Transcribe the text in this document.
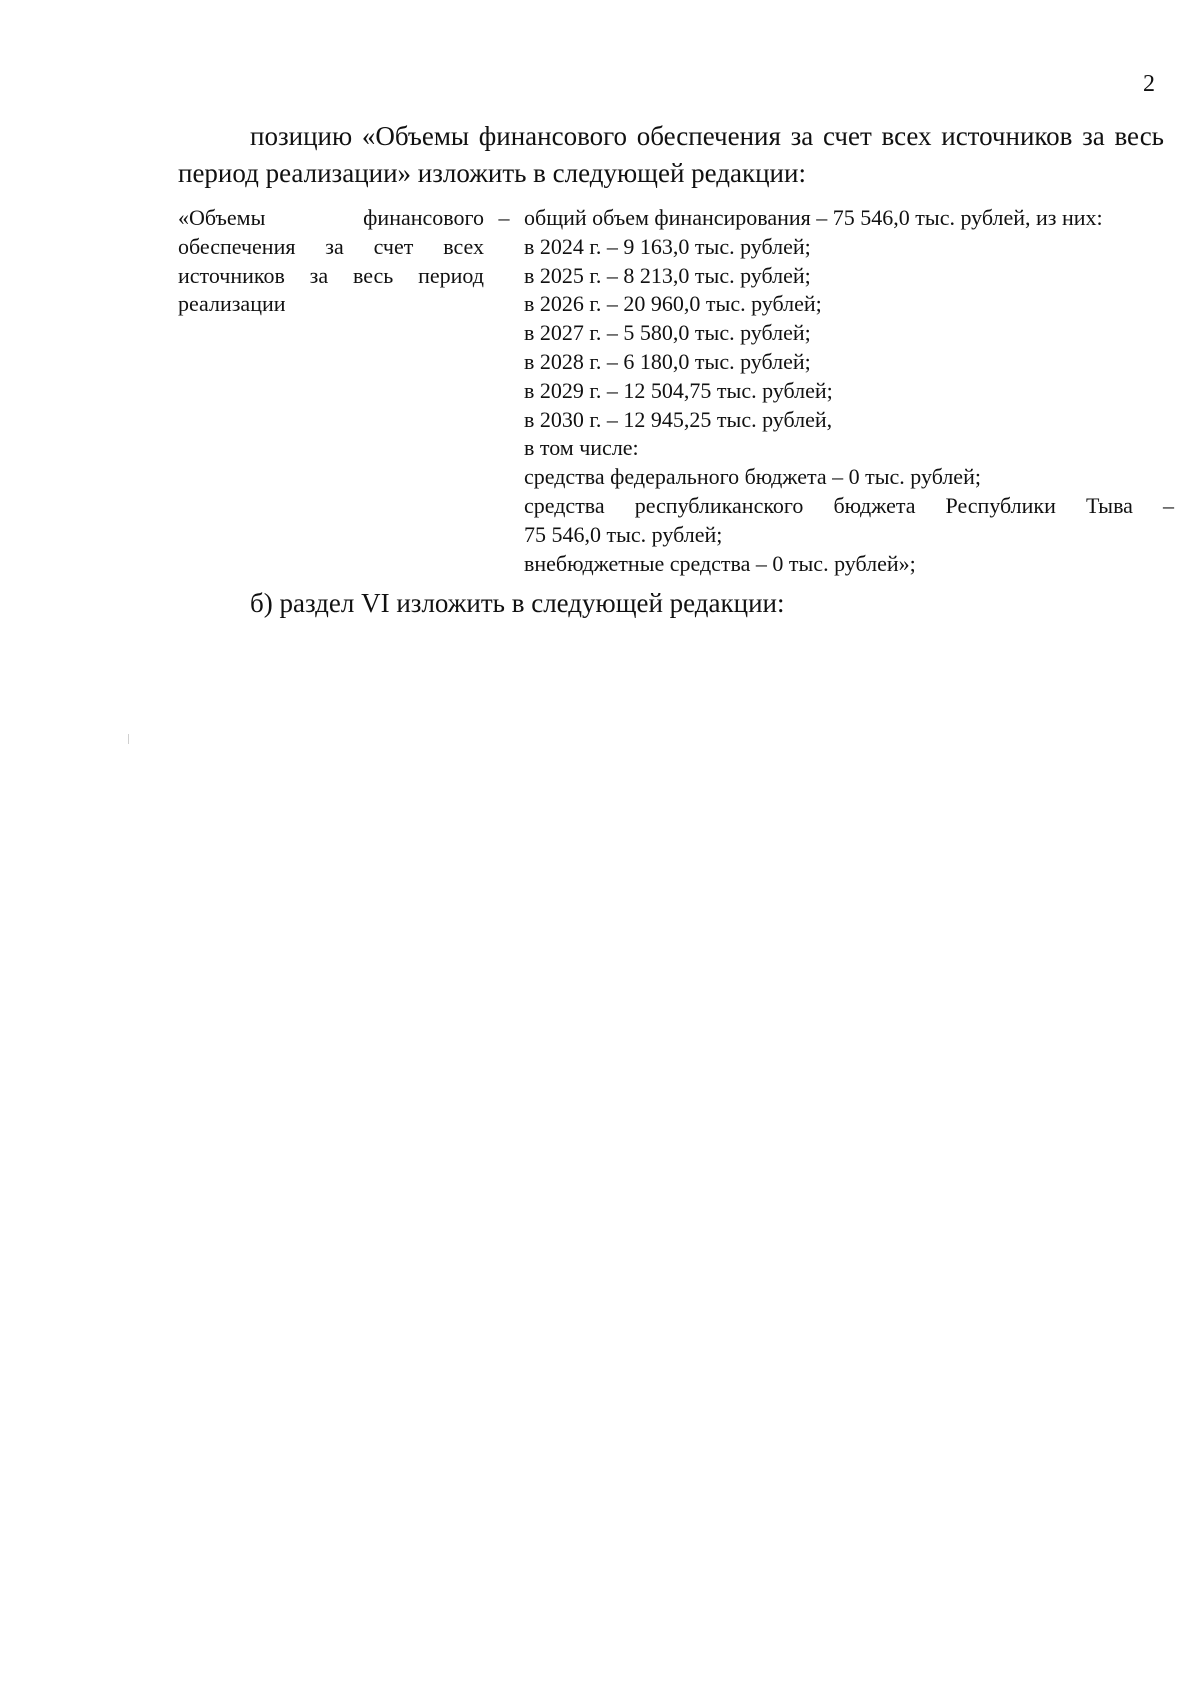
2
позицию «Объемы финансового обеспечения за счет всех источников за весь период реализации» изложить в следующей редакции:
«Объемы финансового обеспечения за счет всех источников за весь период реализации
– общий объем финансирования – 75 546,0 тыс. рублей, из них:
в 2024 г. – 9 163,0 тыс. рублей;
в 2025 г. – 8 213,0 тыс. рублей;
в 2026 г. – 20 960,0 тыс. рублей;
в 2027 г. – 5 580,0 тыс. рублей;
в 2028 г. – 6 180,0 тыс. рублей;
в 2029 г. – 12 504,75 тыс. рублей;
в 2030 г. – 12 945,25 тыс. рублей,
в том числе:
средства федерального бюджета – 0 тыс. рублей;
средства республиканского бюджета Республики Тыва –
75 546,0 тыс. рублей;
внебюджетные средства – 0 тыс. рублей»;
б) раздел VI изложить в следующей редакции:
